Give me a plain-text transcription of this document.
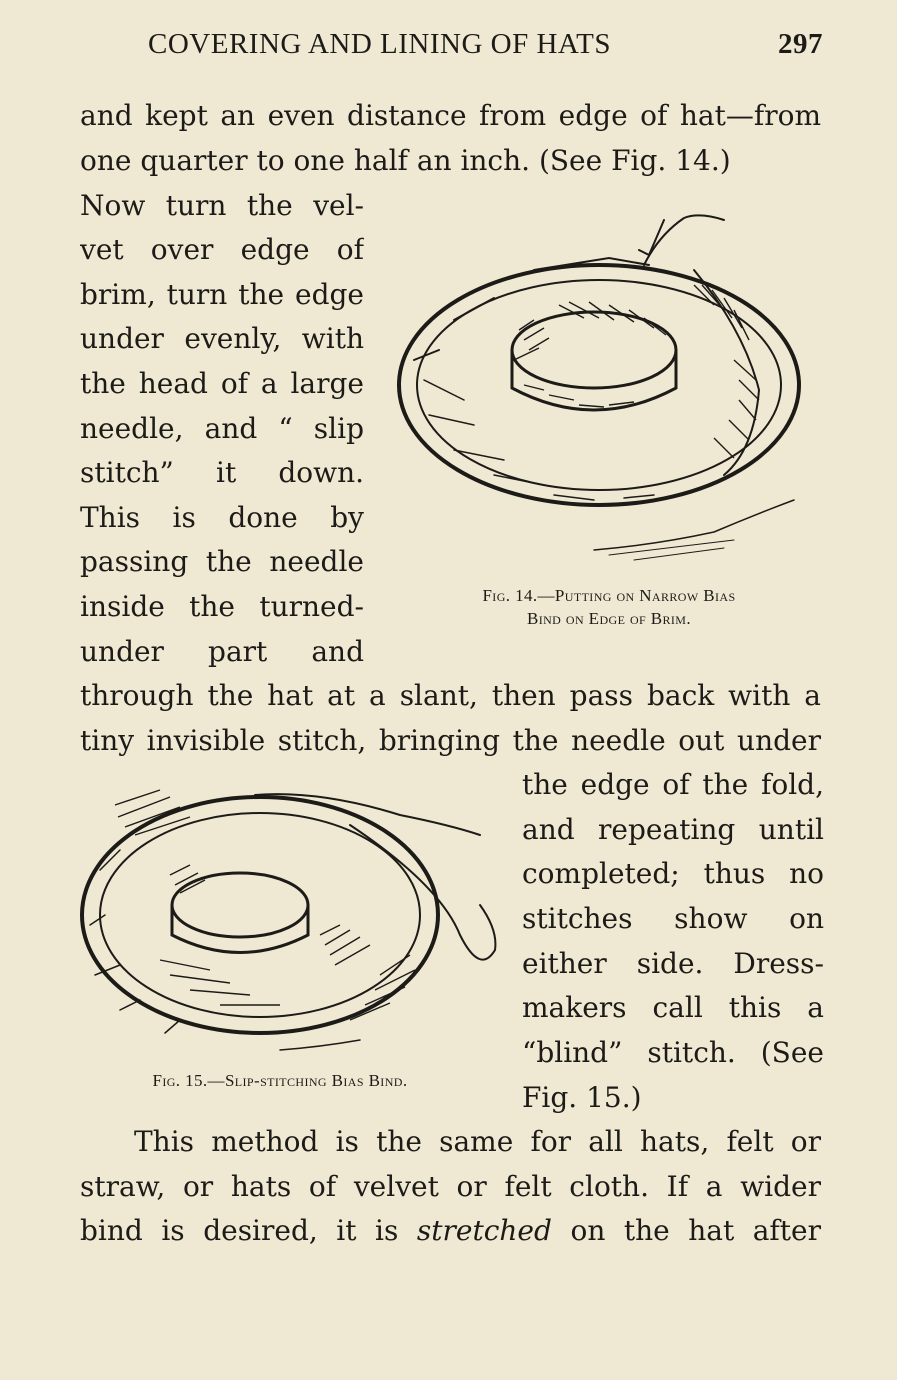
COVERING AND LINING OF HATS	297
and kept an even distance from edge of hat—from
one quarter to one half an inch. (See Fig. 14.)
Now turn the vel-
vet over edge of
brim, turn the edge
under evenly, with
the head of a large
needle, and “ slip
stitch” it down.
This is done by
passing the needle
inside the turned-
under part and
Fig. 14.—Putting on Narrow Bias
Bind on Edge of Brim.
through the hat at a slant, then pass back with a
tiny invisible stitch, bringing the needle out under
Fig. 15.—Slip-stitching Bias Bind.
the edge of the fold,
and repeating until
completed; thus no
stitches show on
either side. Dress-
makers call this a
“blind” stitch. (See
Fig. 15.)
This method is the same for all hats, felt or
straw, or hats of velvet or felt cloth. If a wider
bind is desired, it is stretched on the hat after
